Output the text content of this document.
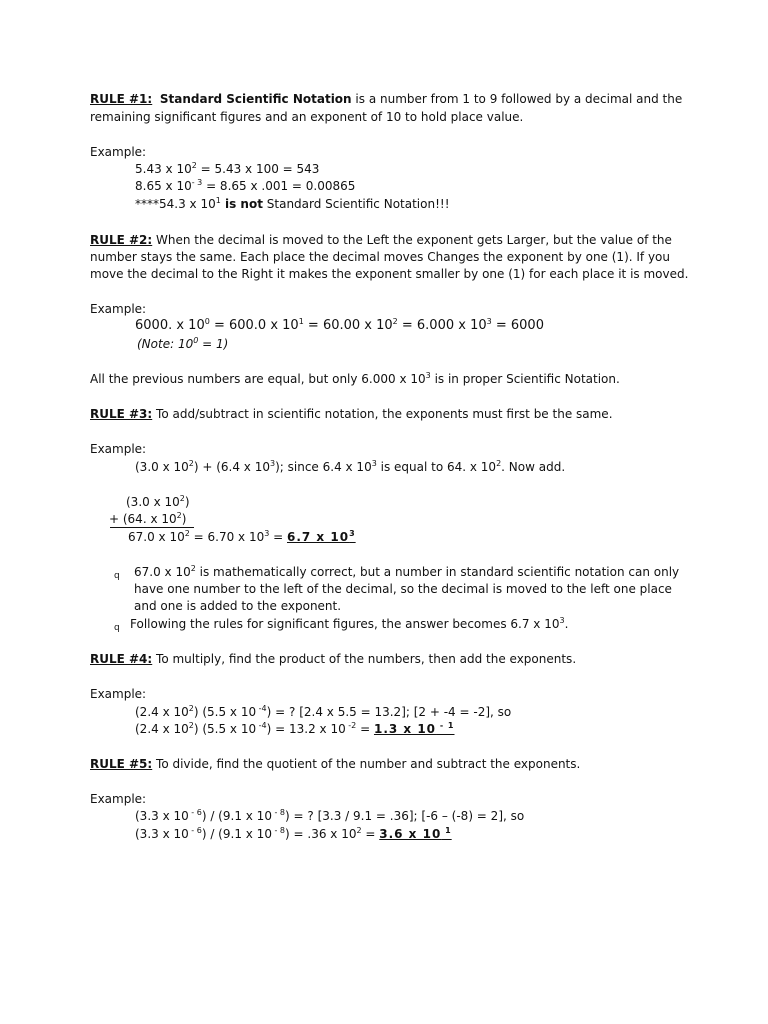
RULE #1: Standard Scientific Notation is a number from 1 to 9 followed by a decimal and the
remaining significant figures and an exponent of 10 to hold place value.
Example:
5.43 x $10^2 = 5.43$ x 100 = 543
8.65 x $10^{- 3} = 8.65$ x .001 = 0.00865
****54.3 x $10^1$ is not Standard Scientific Notation!!!
RULE #2: When the decimal is moved to the Left the exponent gets Larger, but the value of the
number stays the same. Each place the decimal moves Changes the exponent by one (1). If you
move the decimal to the Right it makes the exponent smaller by one (1) for each place it is moved.
Example:
6000. x $10^0 = 600.0$ x $10^1 = 60.00$ x $10^2 = 6.000$ x $10^3 = 6000$
(Note: $10^0 = 1$)
All the previous numbers are equal, but only 6.000 x $10^3$ is in proper Scientific Notation.
RULE #3: To add/subtract in scientific notation, the exponents must first be the same.
Example:
(3.0 x $10^2) + (6.4$ x $10^3$); since 6.4 x $10^3$ is equal to 64. x $10^2$. Now add.
(3.0 x $10^2$)
+ (64. x $10^2$)
67.0 x $10^2 = 6.70$ x $10^3 = 6.7$ x $10^3$
q 67.0 x $10^2$ is mathematically correct, but a number in standard scientific notation can only
have one number to the left of the decimal, so the decimal is moved to the left one place
and one is added to the exponent.
q Following the rules for significant figures, the answer becomes 6.7 x $10^3$.
RULE #4: To multiply, find the product of the numbers, then add the exponents.
Example:
(2.4 x $10^2$) (5.5 x 10 $^{-4}$) = ? [2.4 x 5.5 = 13.2]; [2 + -4 = -2], so
(2.4 x $10^2$) (5.5 x 10 $^{-4}$) = 13.2 x 10 $^{-2}$ = 1.3 x 10 $^{- 1}$
RULE #5: To divide, find the quotient of the number and subtract the exponents.
Example:
(3.3 x 10 $^{- 6}$) / (9.1 x 10 $^{- 8}$) = ? [3.3 / 9.1 = .36]; [-6 – (-8) = 2], so
(3.3 x 10 $^{- 6}$) / (9.1 x 10 $^{- 8}$) = .36 x $10^2 = 3.6$ x 10 $^1$
